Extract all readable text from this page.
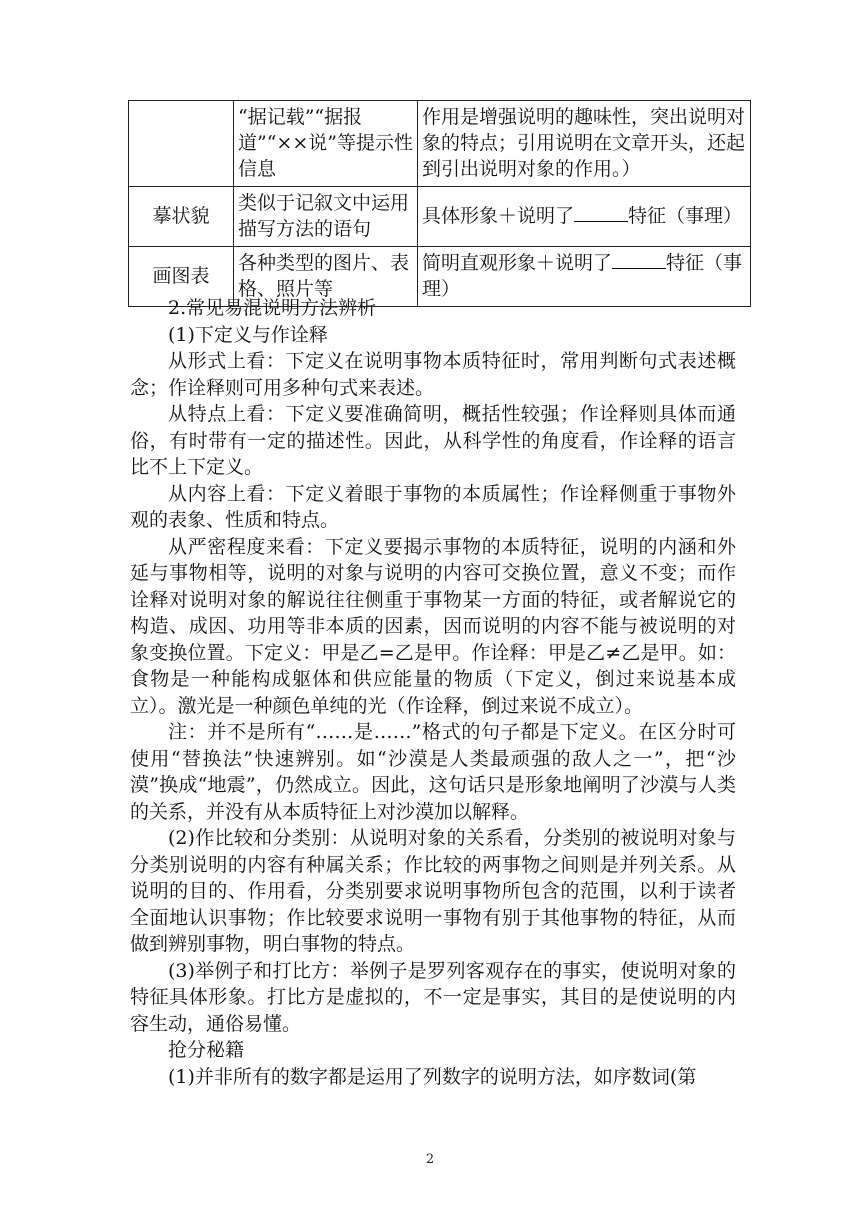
	“据记载”“据报道”“××说”等提示性信息	作用是增强说明的趣味性，突出说明对象的特点；引用说明在文章开头，还起到引出说明对象的作用。）
摹状貌	类似于记叙文中运用描写方法的语句	具体形象＋说明了 特征（事理）
画图表	各种类型的图片、表格、照片等	简明直观形象＋说明了 特征（事理）

2.常见易混说明方法辨析

(1)下定义与作诠释

从形式上看：下定义在说明事物本质特征时，常用判断句式表述概念；作诠释则可用多种句式来表述。

从特点上看：下定义要准确简明，概括性较强；作诠释则具体而通俗，有时带有一定的描述性。因此，从科学性的角度看，作诠释的语言比不上下定义。

从内容上看：下定义着眼于事物的本质属性；作诠释侧重于事物外观的表象、性质和特点。

从严密程度来看：下定义要揭示事物的本质特征，说明的内涵和外延与事物相等，说明的对象与说明的内容可交换位置，意义不变；而作诠释对说明对象的解说往往侧重于事物某一方面的特征，或者解说它的构造、成因、功用等非本质的因素，因而说明的内容不能与被说明的对象变换位置。下定义：甲是乙=乙是甲。作诠释：甲是乙≠乙是甲。如：食物是一种能构成躯体和供应能量的物质（下定义，倒过来说基本成立）。激光是一种颜色单纯的光（作诠释，倒过来说不成立）。

注：并不是所有“……是……”格式的句子都是下定义。在区分时可使用“替换法”快速辨别。如“沙漠是人类最顽强的敌人之一”，把“沙漠”换成“地震”，仍然成立。因此，这句话只是形象地阐明了沙漠与人类的关系，并没有从本质特征上对沙漠加以解释。

(2)作比较和分类别：从说明对象的关系看，分类别的被说明对象与分类别说明的内容有种属关系；作比较的两事物之间则是并列关系。从说明的目的、作用看，分类别要求说明事物所包含的范围，以利于读者全面地认识事物；作比较要求说明一事物有别于其他事物的特征，从而做到辨别事物，明白事物的特点。

(3)举例子和打比方：举例子是罗列客观存在的事实，使说明对象的特征具体形象。打比方是虚拟的，不一定是事实，其目的是使说明的内容生动，通俗易懂。

抢分秘籍

(1)并非所有的数字都是运用了列数字的说明方法，如序数词(第

2
